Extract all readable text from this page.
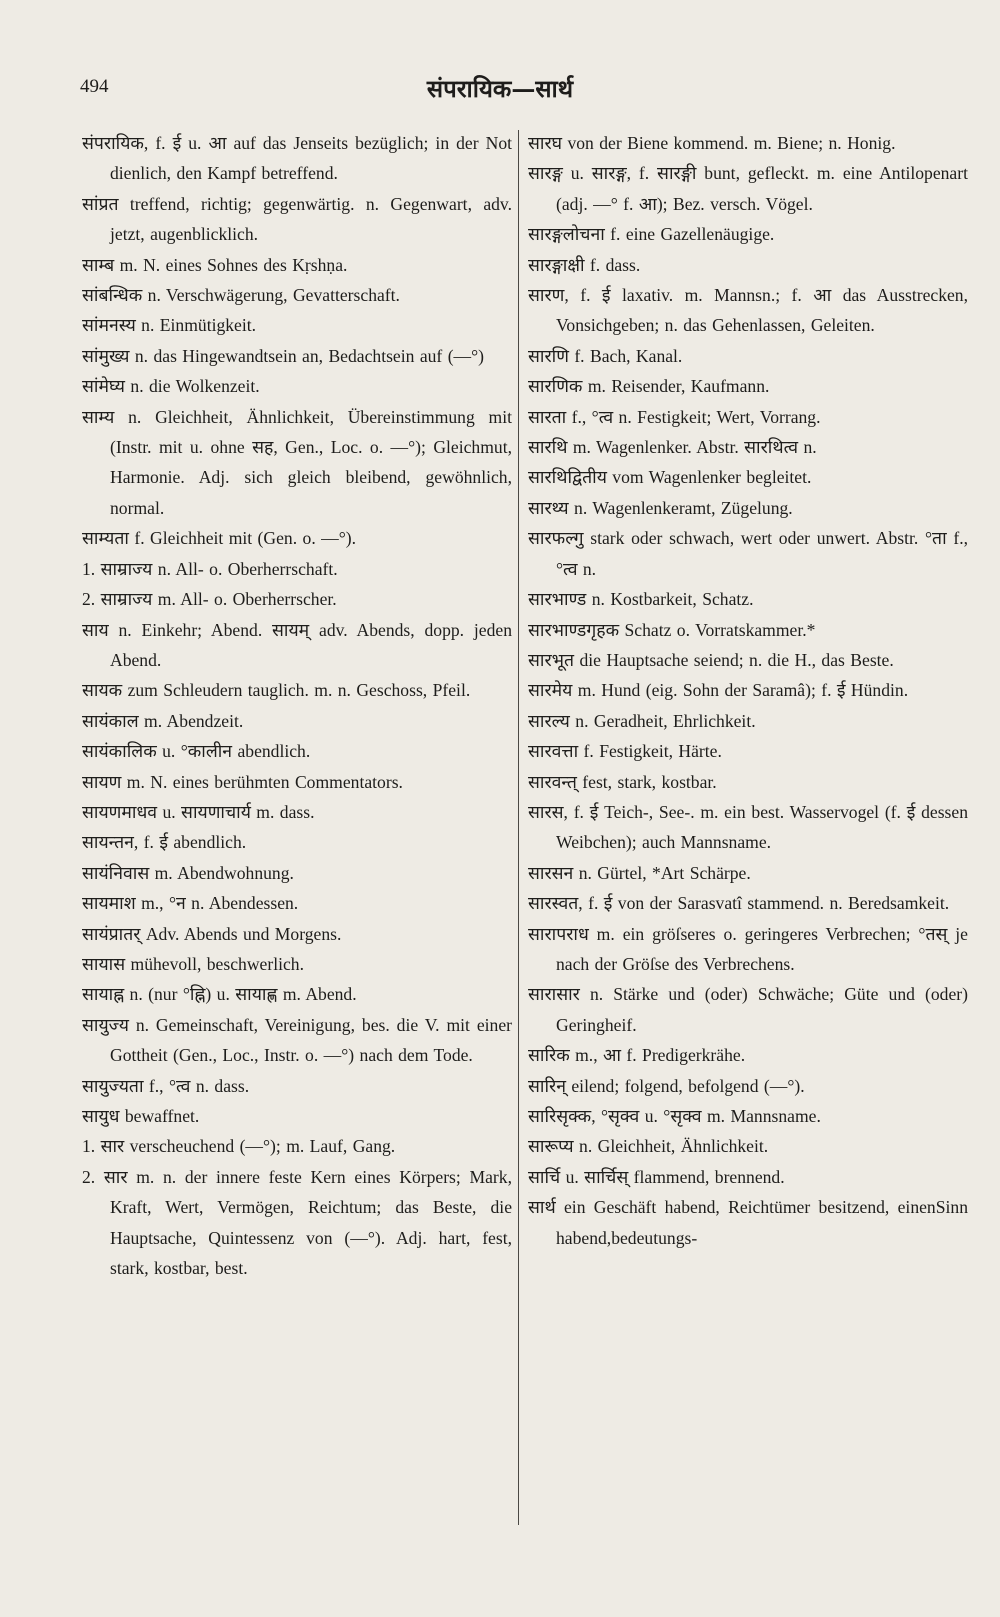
494	संपरायिक—सार्थ

संपरायिक, f. ई u. आ auf das Jenseits bezüglich; in der Not dienlich, den Kampf betreffend.

सांप्रत treffend, richtig; gegenwärtig. n. Gegenwart, adv. jetzt, augenblicklich.

साम्ब m. N. eines Sohnes des Kṛshṇa.

सांबन्धिक n. Verschwägerung, Gevatterschaft.

सांमनस्य n. Einmütigkeit.

सांमुख्य n. das Hingewandtsein an, Bedachtsein auf (—°)

सांमेघ्य n. die Wolkenzeit.

साम्य n. Gleichheit, Ähnlichkeit, Übereinstimmung mit (Instr. mit u. ohne सह, Gen., Loc. o. —°); Gleichmut, Harmonie. Adj. sich gleich bleibend, gewöhnlich, normal.

साम्यता f. Gleichheit mit (Gen. o. —°).

1. साम्राज्य n. All- o. Oberherrschaft.

2. साम्राज्य m. All- o. Oberherrscher.

साय n. Einkehr; Abend. सायम् adv. Abends, dopp. jeden Abend.

सायक zum Schleudern tauglich. m. n. Geschoss, Pfeil.

सायंकाल m. Abendzeit.

सायंकालिक u. °कालीन abendlich.

सायण m. N. eines berühmten Commentators.

सायणमाधव u. सायणाचार्य m. dass.

सायन्तन, f. ई abendlich.

सायंनिवास m. Abendwohnung.

सायमाश m., °न n. Abendessen.

सायंप्रातर् Adv. Abends und Morgens.

सायास mühevoll, beschwerlich.

सायाह्न n. (nur °ह्नि) u. सायाह्ण m. Abend.

सायुज्य n. Gemeinschaft, Vereinigung, bes. die V. mit einer Gottheit (Gen., Loc., Instr. o. —°) nach dem Tode.

सायुज्यता f., °त्व n. dass.

सायुध bewaffnet.

1. सार verscheuchend (—°); m. Lauf, Gang.

2. सार m. n. der innere feste Kern eines Körpers; Mark, Kraft, Wert, Vermögen, Reichtum; das Beste, die Hauptsache, Quintessenz von (—°). Adj. hart, fest, stark, kostbar, best.

सारघ von der Biene kommend. m. Biene; n. Honig.

सारङ्ग u. सारङ्ग, f. सारङ्गी bunt, gefleckt. m. eine Antilopenart (adj. —° f. आ); Bez. versch. Vögel.

सारङ्गलोचना f. eine Gazellenäugige.

सारङ्गाक्षी f. dass.

सारण, f. ई laxativ. m. Mannsn.; f. आ das Ausstrecken, Vonsichgeben; n. das Gehenlassen, Geleiten.

सारणि f. Bach, Kanal.

सारणिक m. Reisender, Kaufmann.

सारता f., °त्व n. Festigkeit; Wert, Vorrang.

सारथि m. Wagenlenker. Abstr. सारथित्व n.

सारथिद्वितीय vom Wagenlenker begleitet.

सारथ्य n. Wagenlenkeramt, Zügelung.

सारफल्गु stark oder schwach, wert oder unwert. Abstr. °ता f., °त्व n.

सारभाण्ड n. Kostbarkeit, Schatz.

सारभाण्डगृहक Schatz o. Vorratskammer.*

सारभूत die Hauptsache seiend; n. die H., das Beste.

सारमेय m. Hund (eig. Sohn der Saramâ); f. ई Hündin.

सारल्य n. Geradheit, Ehrlichkeit.

सारवत्ता f. Festigkeit, Härte.

सारवन्त् fest, stark, kostbar.

सारस, f. ई Teich-, See-. m. ein best. Wasservogel (f. ई dessen Weibchen); auch Mannsname.

सारसन n. Gürtel, *Art Schärpe.

सारस्वत, f. ई von der Sarasvatî stammend. n. Beredsamkeit.

सारापराध m. ein gröſseres o. geringeres Verbrechen; °तस् je nach der Gröſse des Verbrechens.

सारासार n. Stärke und (oder) Schwäche; Güte und (oder) Geringheif.

सारिक m., आ f. Predigerkrähe.

सारिन् eilend; folgend, befolgend (—°).

सारिसृक्क, °सृक्व u. °सृक्व m. Mannsname.

सारूप्य n. Gleichheit, Ähnlichkeit.

सार्चि u. सार्चिस् flammend, brennend.

सार्थ ein Geschäft habend, Reichtümer besitzend, einenSinn habend,bedeutungs-
